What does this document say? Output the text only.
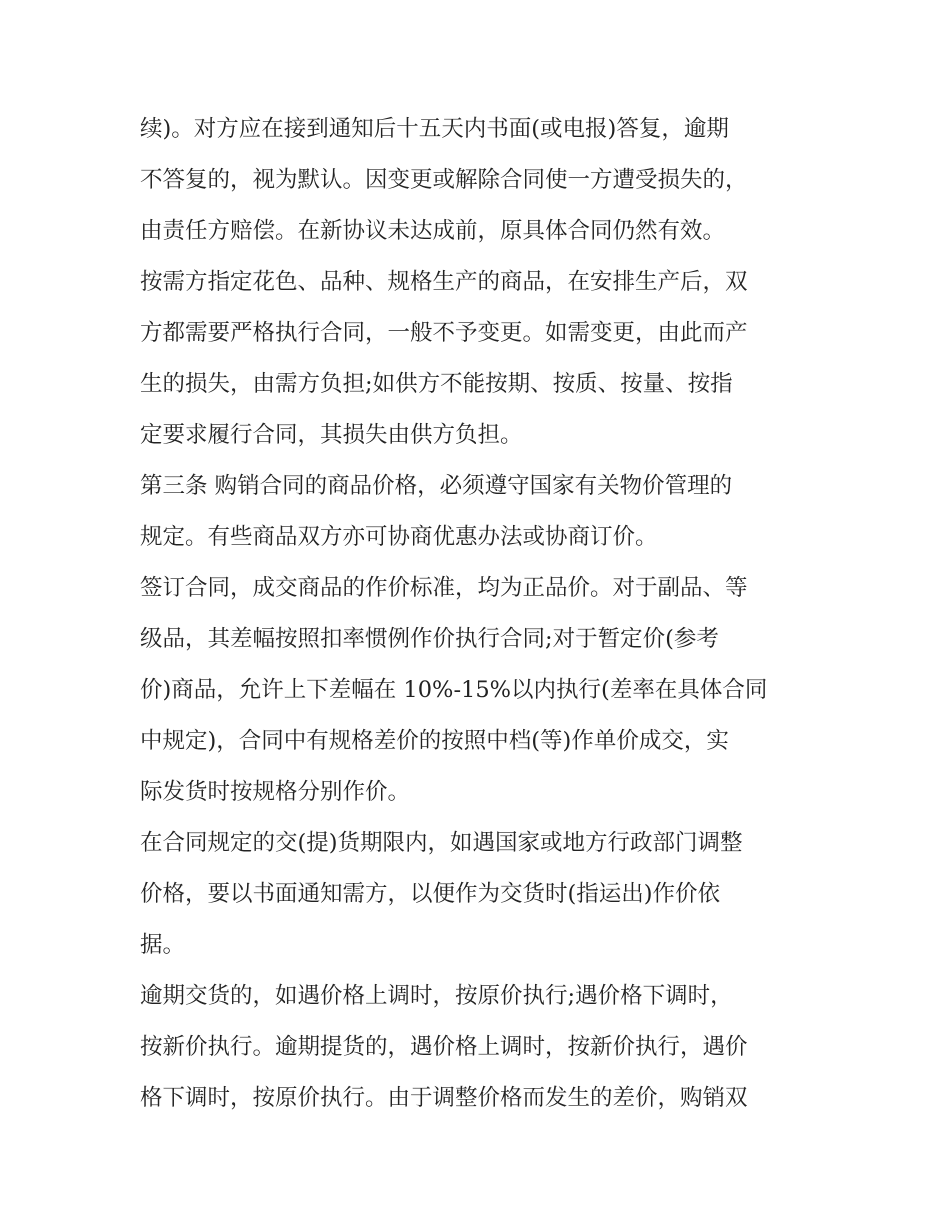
续)。对方应在接到通知后十五天内书面(或电报)答复，逾期
不答复的，视为默认。因变更或解除合同使一方遭受损失的，
由责任方赔偿。在新协议未达成前，原具体合同仍然有效。

按需方指定花色、品种、规格生产的商品，在安排生产后，双
方都需要严格执行合同，一般不予变更。如需变更，由此而产
生的损失，由需方负担;如供方不能按期、按质、按量、按指
定要求履行合同，其损失由供方负担。

第三条 购销合同的商品价格，必须遵守国家有关物价管理的
规定。有些商品双方亦可协商优惠办法或协商订价。

签订合同，成交商品的作价标准，均为正品价。对于副品、等
级品，其差幅按照扣率惯例作价执行合同;对于暂定价(参考
价)商品，允许上下差幅在 10%-15%以内执行(差率在具体合同
中规定)，合同中有规格差价的按照中档(等)作单价成交，实
际发货时按规格分别作价。

在合同规定的交(提)货期限内，如遇国家或地方行政部门调整
价格，要以书面通知需方，以便作为交货时(指运出)作价依
据。

逾期交货的，如遇价格上调时，按原价执行;遇价格下调时，
按新价执行。逾期提货的，遇价格上调时，按新价执行，遇价
格下调时，按原价执行。由于调整价格而发生的差价，购销双
